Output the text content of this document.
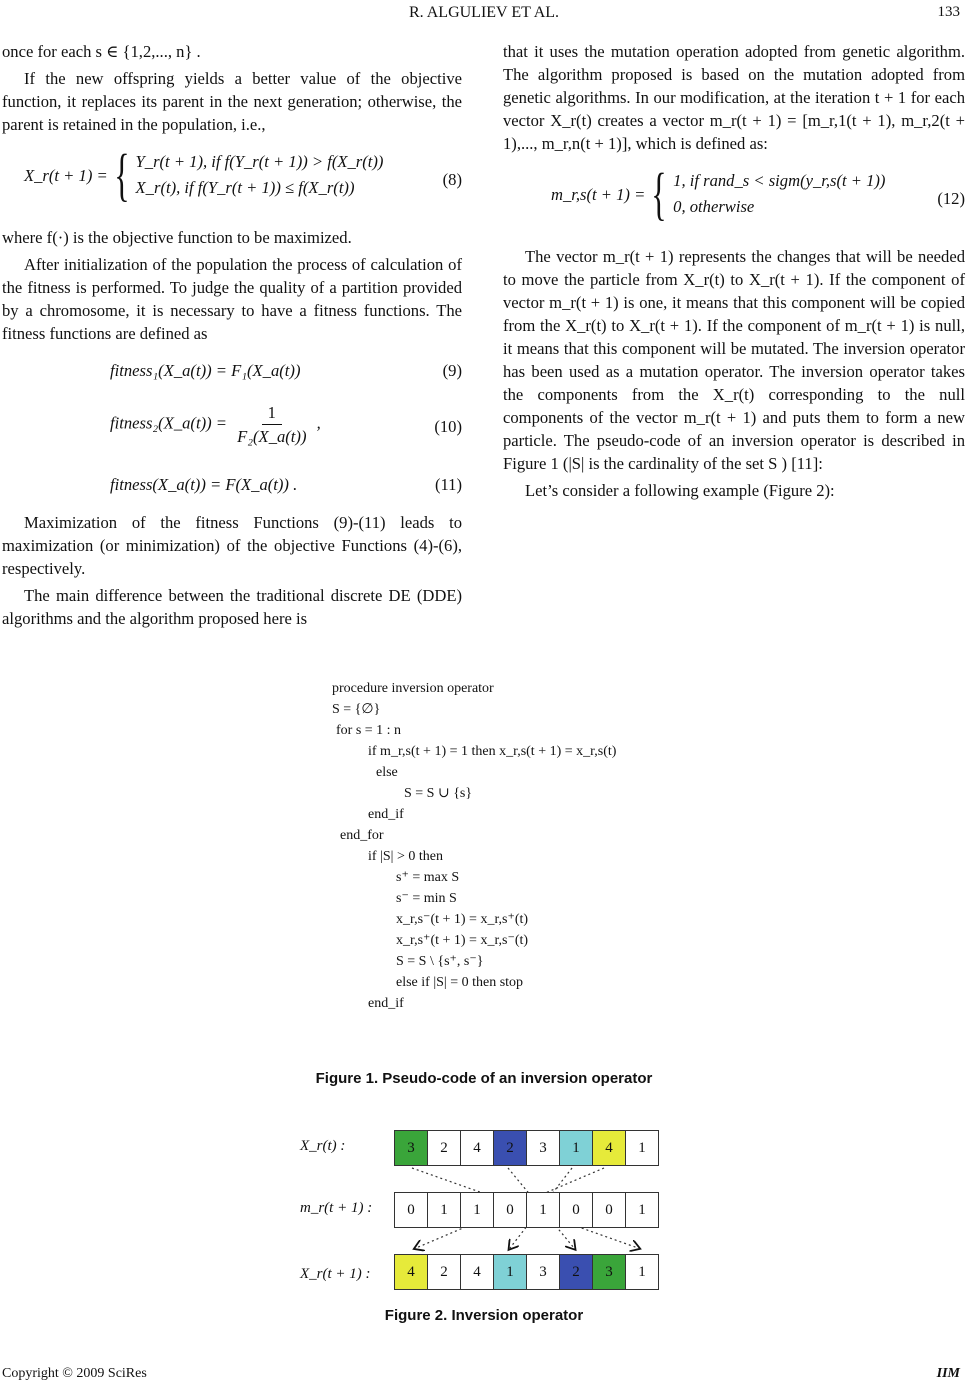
R. ALGULIEV ET AL.	133

once for each s ∈ {1,2,..., n} .

If the new offspring yields a better value of the objective function, it replaces its parent in the next generation; otherwise, the parent is retained in the population, i.e.,

X_r(t + 1) = { Y_r(t + 1), if f(Y_r(t + 1)) > f(X_r(t))
X_r(t), if f(Y_r(t + 1)) ≤ f(X_r(t))	(8)

where f(·) is the objective function to be maximized.

After initialization of the population the process of calculation of the fitness is performed. To judge the quality of a partition provided by a chromosome, it is necessary to have a fitness functions. The fitness functions are defined as

fitness₁(X_a(t)) = F₁(X_a(t))	(9)
fitness₂(X_a(t)) = $\frac{1}{\text{F₂(X\_a(t))}}$ ,	(10)
fitness(X_a(t)) = F(X_a(t)) .	(11)

Maximization of the fitness Functions (9)-(11) leads to maximization (or minimization) of the objective Functions (4)-(6), respectively.

The main difference between the traditional discrete DE (DDE) algorithms and the algorithm proposed here is

that it uses the mutation operation adopted from genetic algorithm. The algorithm proposed is based on the mutation adopted from genetic algorithms. In our modification, at the iteration t + 1 for each vector X_r(t) creates a vector m_r(t + 1) = [m_r,1(t + 1), m_r,2(t + 1),..., m_r,n(t + 1)], which is defined as:

m_r,s(t + 1) = { 1, if rand_s < sigm(y_r,s(t + 1))
0, otherwise	(12)

The vector m_r(t + 1) represents the changes that will be needed to move the particle from X_r(t) to X_r(t + 1). If the component of vector m_r(t + 1) is one, it means that this component will be copied from the X_r(t) to X_r(t + 1). If the component of m_r(t + 1) is null, it means that this component will be mutated. The inversion operator has been used as a mutation operator. The inversion operator takes the components from the X_r(t) corresponding to the null components of the vector m_r(t + 1) and puts them to form a new particle. The pseudo-code of an inversion operator is described in Figure 1 (|S| is the cardinality of the set S ) [11]:

Let’s consider a following example (Figure 2):

procedure inversion operator
S = {∅}
for s = 1 : n
if m_r,s(t + 1) = 1 then x_r,s(t + 1) = x_r,s(t)
else
S = S ∪ {s}
end_if
end_for
if |S| > 0 then
s⁺ = max S
s⁻ = min S
x_r,s⁻(t + 1) = x_r,s⁺(t)
x_r,s⁺(t + 1) = x_r,s⁻(t)
S = S \ {s⁺, s⁻}
else if |S| = 0 then stop
end_if
Figure 1. Pseudo-code of an inversion operator
X_r(t) :
m_r(t + 1) :
X_r(t + 1) :
3	2	4	2	3	1	4	1
0	1	1	0	1	0	0	1
4	2	4	1	3	2	3	1
Figure 2. Inversion operator
Copyright © 2009 SciRes	IIM
